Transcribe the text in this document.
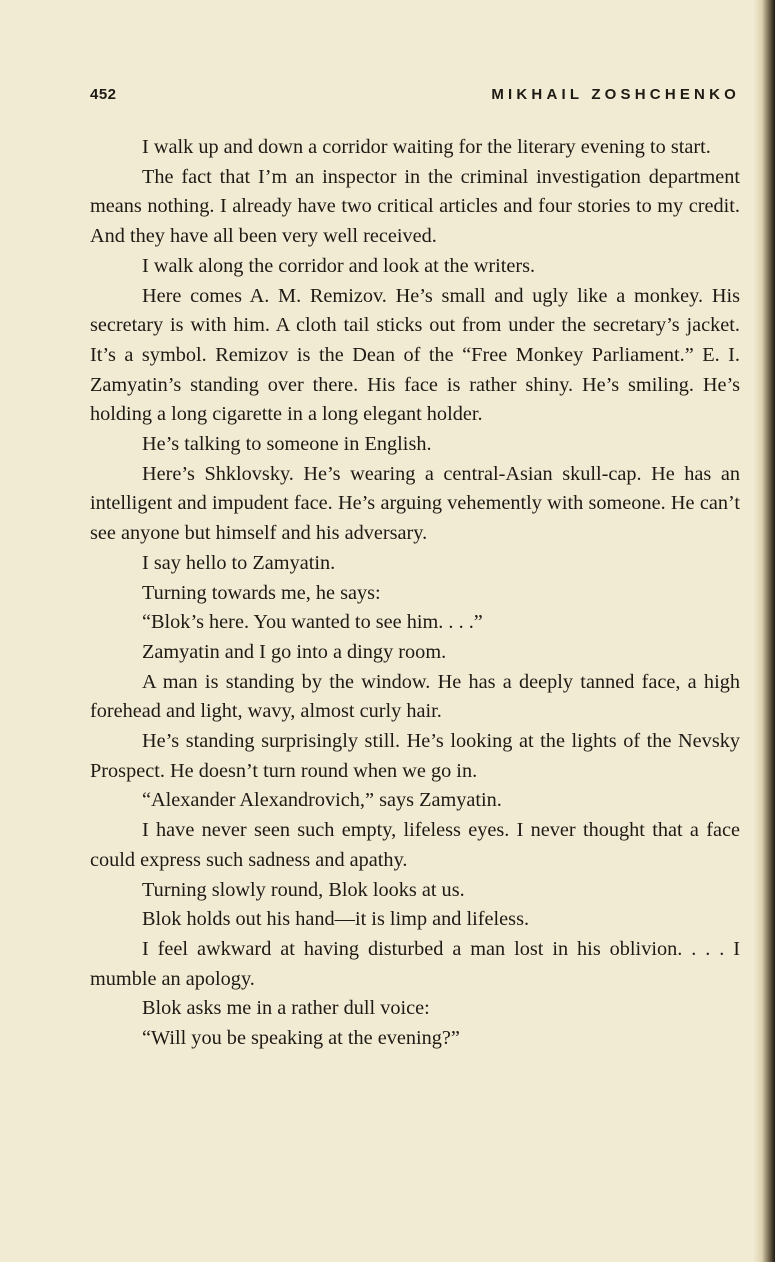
452	MIKHAIL ZOSHCHENKO

I walk up and down a corridor waiting for the literary evening to start.

The fact that I’m an inspector in the criminal investigation department means nothing. I already have two critical articles and four stories to my credit. And they have all been very well received.

I walk along the corridor and look at the writers.

Here comes A. M. Remizov. He’s small and ugly like a monkey. His secretary is with him. A cloth tail sticks out from under the secretary’s jacket. It’s a symbol. Remizov is the Dean of the “Free Monkey Parliament.” E. I. Zamyatin’s standing over there. His face is rather shiny. He’s smiling. He’s holding a long cigarette in a long elegant holder.

He’s talking to someone in English.

Here’s Shklovsky. He’s wearing a central-Asian skull-cap. He has an intelligent and impudent face. He’s arguing vehemently with someone. He can’t see anyone but himself and his adversary.

I say hello to Zamyatin.

Turning towards me, he says:

“Blok’s here. You wanted to see him. . . .”

Zamyatin and I go into a dingy room.

A man is standing by the window. He has a deeply tanned face, a high forehead and light, wavy, almost curly hair.

He’s standing surprisingly still. He’s looking at the lights of the Nevsky Prospect. He doesn’t turn round when we go in.

“Alexander Alexandrovich,” says Zamyatin.

I have never seen such empty, lifeless eyes. I never thought that a face could express such sadness and apathy.

Turning slowly round, Blok looks at us.

Blok holds out his hand—it is limp and lifeless.

I feel awkward at having disturbed a man lost in his oblivion. . . . I mumble an apology.

Blok asks me in a rather dull voice:

“Will you be speaking at the evening?”
